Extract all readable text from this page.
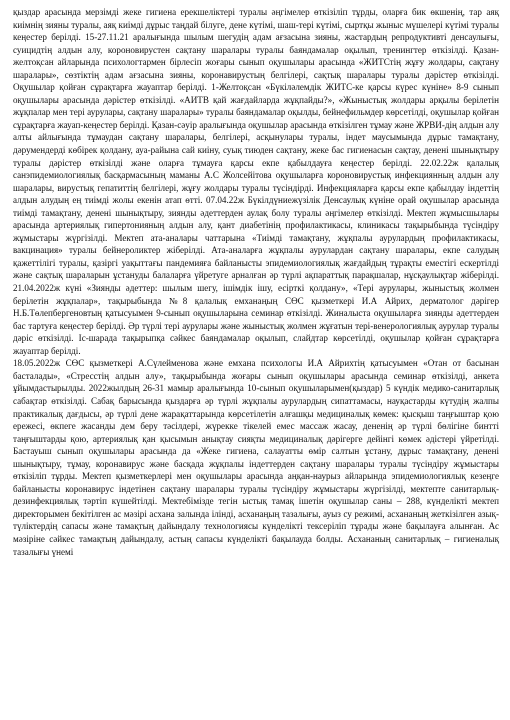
қыздар арасында мерзімді жеке гигиена ерекшеліктері туралы әңгімелер өткізіліп тұрды, оларға бик өкшенің, тар аяқ киімнің зияны туралы, аяқ киімді дұрыс таңдай білуге, дене күтімі, шаш-тері күтімі, сыртқы жыныс мүшелері күтімі туралы кеңестер берілді. 15-27.11.21 аралығында шылым шегудің адам ағзасына зияны, жастардың репродуктивті денсаулығы, суицидтің алдын алу, короновирустен сақтану шаралары туралы баяндамалар оқылып, тренингтер өткізілді. Қазан-желтоқсан айларында психологтармен бірлесіп жоғары сынып оқушылары арасында «ЖИТСтің жұғу жолдары, сақтану шаралары», сөзтіктің адам ағзасына зияны, коронавирустың белгілері, сақтық шаралары туралы дәрістер өткізілді. Оқушылар қойған сұрақтарға жауаптар берілді. 1-Желтоқсан «Бүкіләлемдік ЖИТС-ке қарсы күрес күніне» 8-9 сынып оқушылары арасында дәрістер өткізілді. «АИТВ қай жағдайларда жұқпайды?», «Жыныстық жолдары арқылы берілетін жұқпалар мен тері аурулары, сақтану шаралары» туралы баяндамалар оқылды, бейнефильмдер көрсетілді, оқушылар қойған сұрақтарға жауап-кеңестер берілді. Қазан-сәуір аралығында оқушылар арасында өткізілген тұмау және ЖРВИ-дің алдын алу алты айлығында тұмаудан сақтану шаралары, белгілері, асқынулары туралы, індет маусымында дұрыс тамақтану, дәрумендерді көбірек қолдану, ауа-райына сай киіну, суық тиюден сақтану, жеке бас гигиенасын сақтау, денені шынықтыру туралы дәрістер өткізілді және оларға тұмауға қарсы екпе қабылдауға кеңестер берілді. 22.02.22ж қалалық санэпидемиологиялық басқармасының маманы А.С Жолсейітова оқушыларға короновирустық инфекциянның алдын алу шаралары, вирустық гепатиттің белгілері, жұғу жолдары туралы түсіндірді. Инфекцияларға қарсы екпе қабылдау індеттің алдын алудың ең тиімді жолы екенін атап өтті. 07.04.22ж Бүкілдүниежүзілік Денсаулық күніне орай оқушылар арасында тиімді тамақтану, денені шынықтыру, зиянды әдеттерден аулақ болу туралы әңгімелер өткізілді. Мектеп жұмысшылары арасында артериялық гипертонияның алдын алу, қант диабетінің профилактикасы, клиникасы тақырыбында түсіндіру жұмыстары жүргізілді. Мектеп ата-аналары чаттарына «Тиімді тамақтану, жұқпалы аурулардың профилактикасы, вакцинация» туралы бейнероликтер жіберілді. Ата-аналарға жұқпалы аурулардан сақтану шаралары, екпе салудың қажеттілігі туралы, қазіргі уақыттағы пандемияға байланысты эпидемиологиялық жағдайдың тұрақты еместігі ескертілді және сақтық шараларын ұстануды балаларға үйретуге арналған әр түрлі ақпараттық парақшалар, нұсқаулықтар жіберілді. 21.04.2022ж күні «Зиянды әдеттер: шылым шегу, ішімдік ішу, есірткі қолдану», «Тері аурулары, жыныстық жолмен берілетін жұқпалар», тақырыбында №8 қалалық емханаңың СӨС қызметкері И.А Айрих, дерматолог дәрігер Н.Б.Төлепбергеновтың қатысуымен 9-сынып оқушыларына семинар өткізілді. Жиналыста оқушыларға зиянды әдеттерден бас тартуға кеңестер берілді. Әр түрлі тері аурулары және жыныстық жолмен жұғатын тері-венерологиялық аурулар туралы дәріс өткізілді. Іс-шарада тақырыпқа сәйкес баяндамалар оқылып, слайдтар көрсетілді, оқушылар қойған сұрақтарға жауаптар берілді.

18.05.2022ж СӨС қызметкері А.Сүлейменова және емхана психологы И.А Айрихтің қатысуымен «Отан от басынан басталады», «Стресстің алдын алу», тақырыбында жоғары сынып оқушылары арасында семинар өткізілді, анкета ұйымдастырылды. 2022жылдың 26-31 мамыр аралығында 10-сынып оқушыларымен(қыздар) 5 күндік медико-санитарлық сабақтар өткізілді. Сабақ барысында қыздарға әр түрлі жұқпалы аурулардың сипаттамасы, науқастарды күтудің жалпы практикалық дағдысы, әр түрлі дене жарақаттарында көрсетілетін алғашқы медициналық көмек: қысқыш таңғыштар қою ережесі, өкпеге жасанды дем беру тәсілдері, жүрекке тікелей емес массаж жасау, дененің әр түрлі бөлігіне бинтті таңғыштарды қою, артериялық қан қысымын анықтау сияқты медициналық дәрігерге дейінгі көмек әдістері үйретілді. Бастауыш сынып оқушылары арасында да «Жеке гигиена, салауатты өмір салтын ұстану, дұрыс тамақтану, денені шынықтыру, тұмау, коронавирус және басқада жұқпалы індеттерден сақтану шаралары туралы түсіндіру жұмыстары өткізіліп тұрды. Мектеп қызметкерлері мен оқушылары арасында аңқан-наурыз айларында эпидемиологиялық кезеңге байланысты коронавирус індетінен сақтану шаралары туралы түсіндіру жұмыстары жүргізілді, мектепте санитарлық-дезинфекциялық тәртіп күшейтілді. Мектебімізде тегін ыстық тамақ ішетін оқушылар саны – 288, күнделікті мектеп директорымен бекітілген ас мәзірі асхана залында ілінді, асханаңың тазалығы, ауыз су режимі, асхананың жеткізілген азық-түліктердің сапасы және тамақтың дайындалу технологиясы күнделікті тексеріліп тұрады және бақылауға алынған. Ас мәзіріне сәйкес тамақтың дайындалу, астың сапасы күнделікті бақылауда болды. Асхананың санитарлық – гигиеналық тазалығы үнемі
